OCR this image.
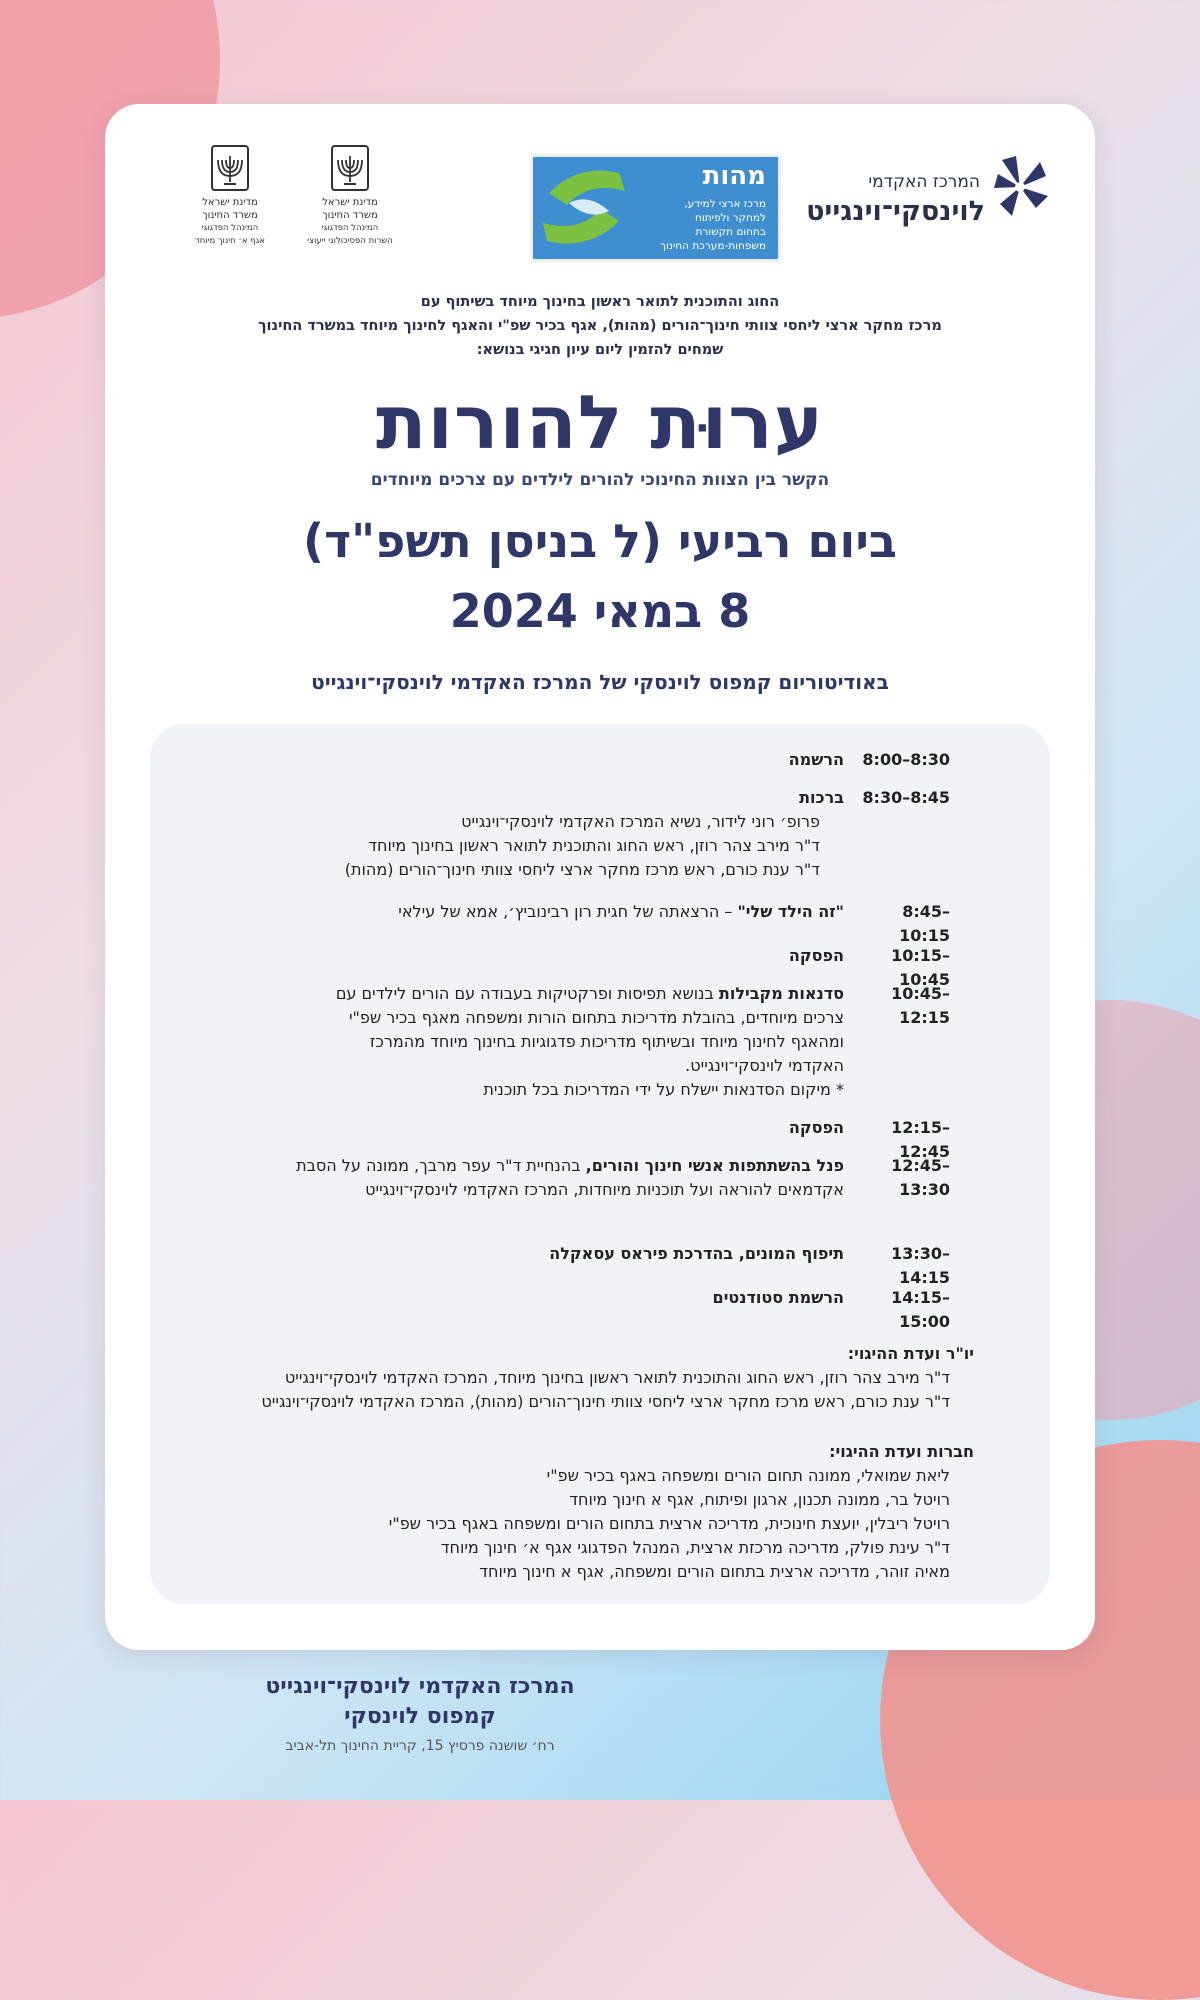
המרכז האקדמי
לוינסקי־וינגייט
מהות
מרכז ארצי למידע,
למחקר ולפיתוח
בתחום תקשורת
משפחות-מערכת החינוך
מדינת ישראל
משרד החינוך
המינהל הפדגוגי
השרות הפסיכולוגי ייעוצי
מדינת ישראל
משרד החינוך
המינהל הפדגוגי
אגף א׳ חינוך מיוחד
החוג והתוכנית לתואר ראשון בחינוך מיוחד בשיתוף עם
מרכז מחקר ארצי ליחסי צוותי חינוך־הורים (מהות), אגף בכיר שפ"י והאגף לחינוך מיוחד במשרד החינוך
שמחים להזמין ליום עיון חגיגי בנושא:
ערוּת להורות
הקשר בין הצוות החינוכי להורים לילדים עם צרכים מיוחדים
ביום רביעי (ל בניסן תשפ"ד)
8 במאי 2024
באודיטוריום קמפוס לוינסקי של המרכז האקדמי לוינסקי־וינגייט
8:00–8:30
הרשמה
8:30–8:45
ברכות
פרופ׳ רוני לידור, נשיא המרכז האקדמי לוינסקי־וינגייט
ד"ר מירב צהר רוזן, ראש החוג והתוכנית לתואר ראשון בחינוך מיוחד
ד"ר ענת כורם, ראש מרכז מחקר ארצי ליחסי צוותי חינוך־הורים (מהות)
8:45–10:15
"זה הילד שלי" – הרצאתה של חגית רון רבינוביץ׳, אמא של עילאי
10:15–10:45
הפסקה
10:45–12:15
סדנאות מקבילות בנושא תפיסות ופרקטיקות בעבודה עם הורים לילדים עם
צרכים מיוחדים, בהובלת מדריכות בתחום הורות ומשפחה מאגף בכיר שפ"י
ומהאגף לחינוך מיוחד ובשיתוף מדריכות פדגוגיות בחינוך מיוחד מהמרכז
האקדמי לוינסקי־וינגייט.
* מיקום הסדנאות יישלח על ידי המדריכות בכל תוכנית
12:15–12:45
הפסקה
12:45–13:30
פנל בהשתתפות אנשי חינוך והורים, בהנחיית ד"ר עפר מרבך, ממונה על הסבת
אקדמאים להוראה ועל תוכניות מיוחדות, המרכז האקדמי לוינסקי־וינגייט
13:30–14:15
תיפוף המונים, בהדרכת פיראס עסאקלה
14:15–15:00
הרשמת סטודנטים
יו"ר ועדת ההיגוי:
ד"ר מירב צהר רוזן, ראש החוג והתוכנית לתואר ראשון בחינוך מיוחד, המרכז האקדמי לוינסקי־וינגייט
ד"ר ענת כורם, ראש מרכז מחקר ארצי ליחסי צוותי חינוך־הורים (מהות), המרכז האקדמי לוינסקי־וינגייט
חברות ועדת ההיגוי:
ליאת שמואלי, ממונה תחום הורים ומשפחה באגף בכיר שפ"י
רויטל בר, ממונה תכנון, ארגון ופיתוח, אגף א חינוך מיוחד
רויטל ריבלין, יועצת חינוכית, מדריכה ארצית בתחום הורים ומשפחה באגף בכיר שפ"י
ד"ר עינת פולק, מדריכה מרכזת ארצית, המנהל הפדגוגי אגף א׳ חינוך מיוחד
מאיה זוהר, מדריכה ארצית בתחום הורים ומשפחה, אגף א חינוך מיוחד
המרכז האקדמי לוינסקי־וינגייט
קמפוס לוינסקי
רח׳ שושנה פרסיץ 15, קריית החינוך תל-אביב
